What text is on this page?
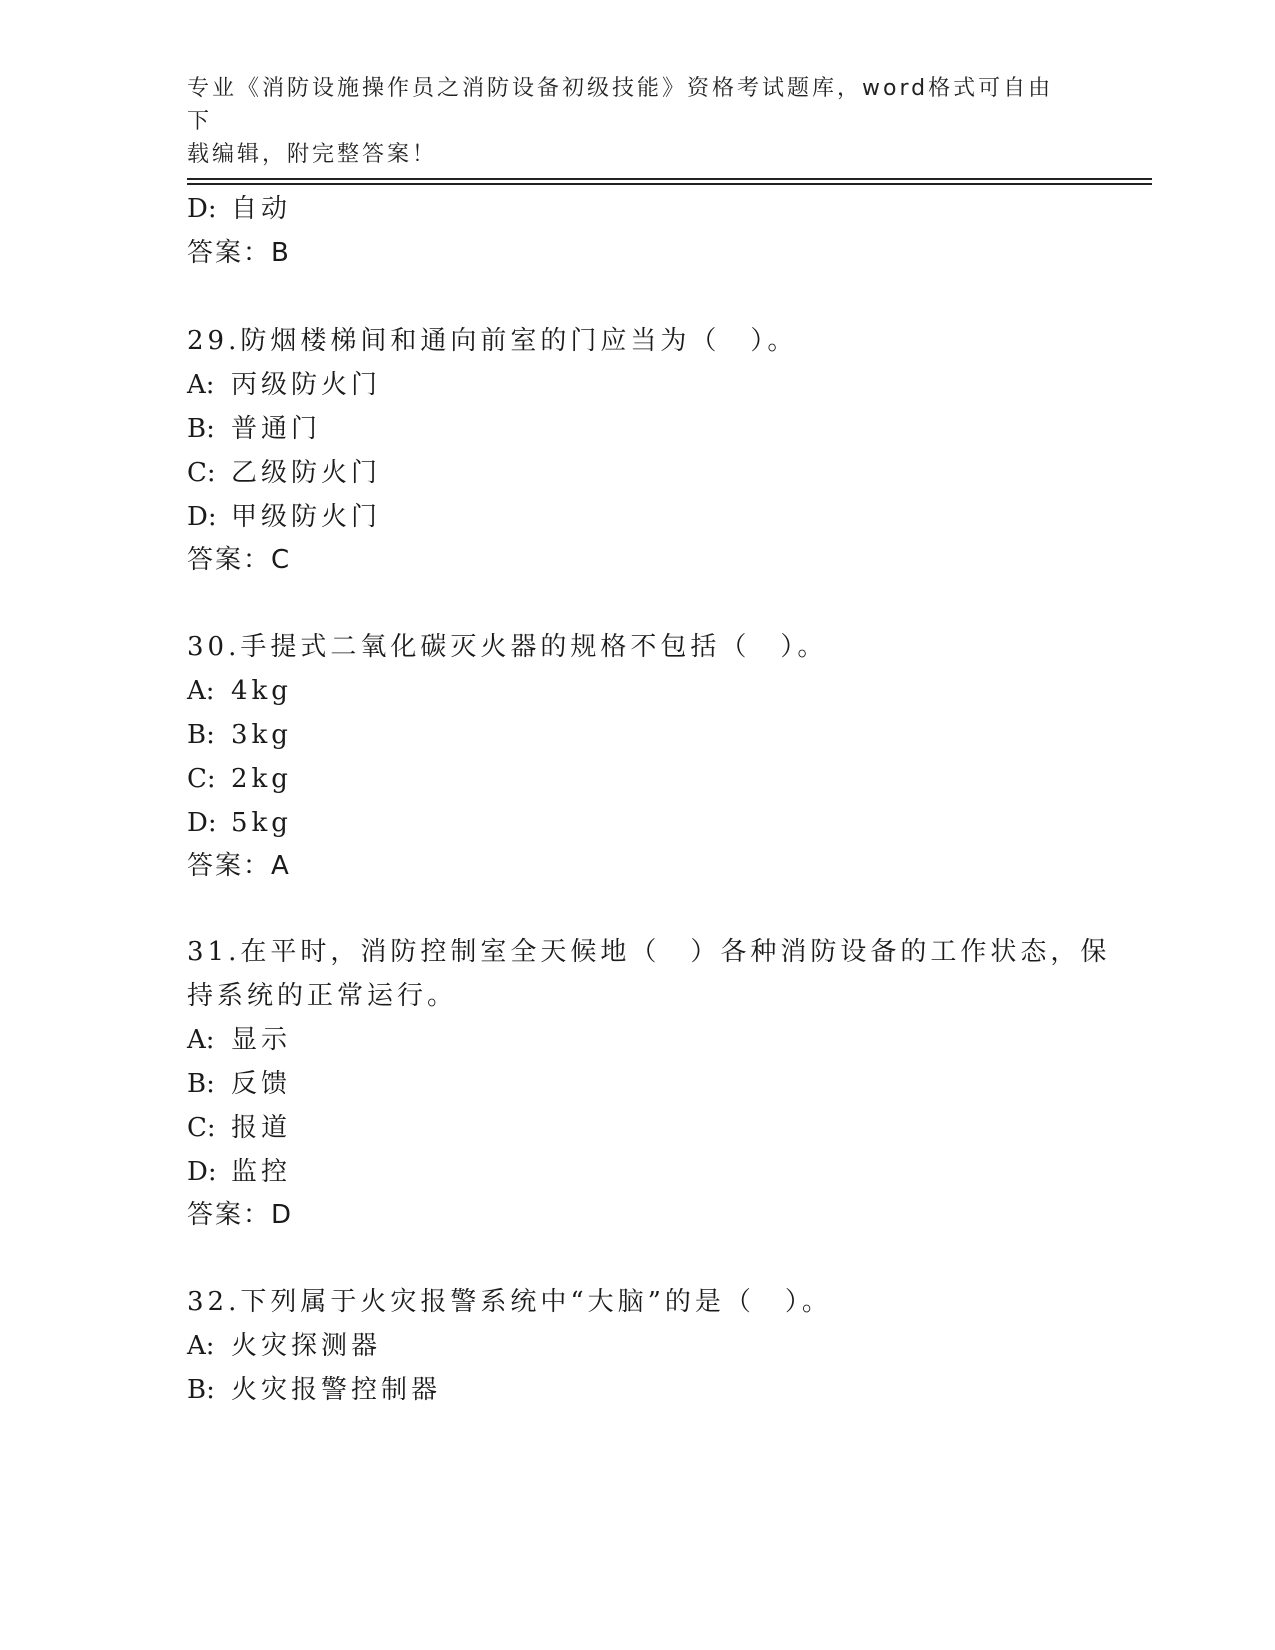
专业《消防设施操作员之消防设备初级技能》资格考试题库，word格式可自由下
载编辑，附完整答案！
D: 自动
答案：B
29.防烟楼梯间和通向前室的门应当为（　）。
A: 丙级防火门
B: 普通门
C: 乙级防火门
D: 甲级防火门
答案：C
30.手提式二氧化碳灭火器的规格不包括（　）。
A: 4kg
B: 3kg
C: 2kg
D: 5kg
答案：A
31.在平时，消防控制室全天候地（　）各种消防设备的工作状态，保
持系统的正常运行。
A: 显示
B: 反馈
C: 报道
D: 监控
答案：D
32.下列属于火灾报警系统中“大脑”的是（　）。
A: 火灾探测器
B: 火灾报警控制器
